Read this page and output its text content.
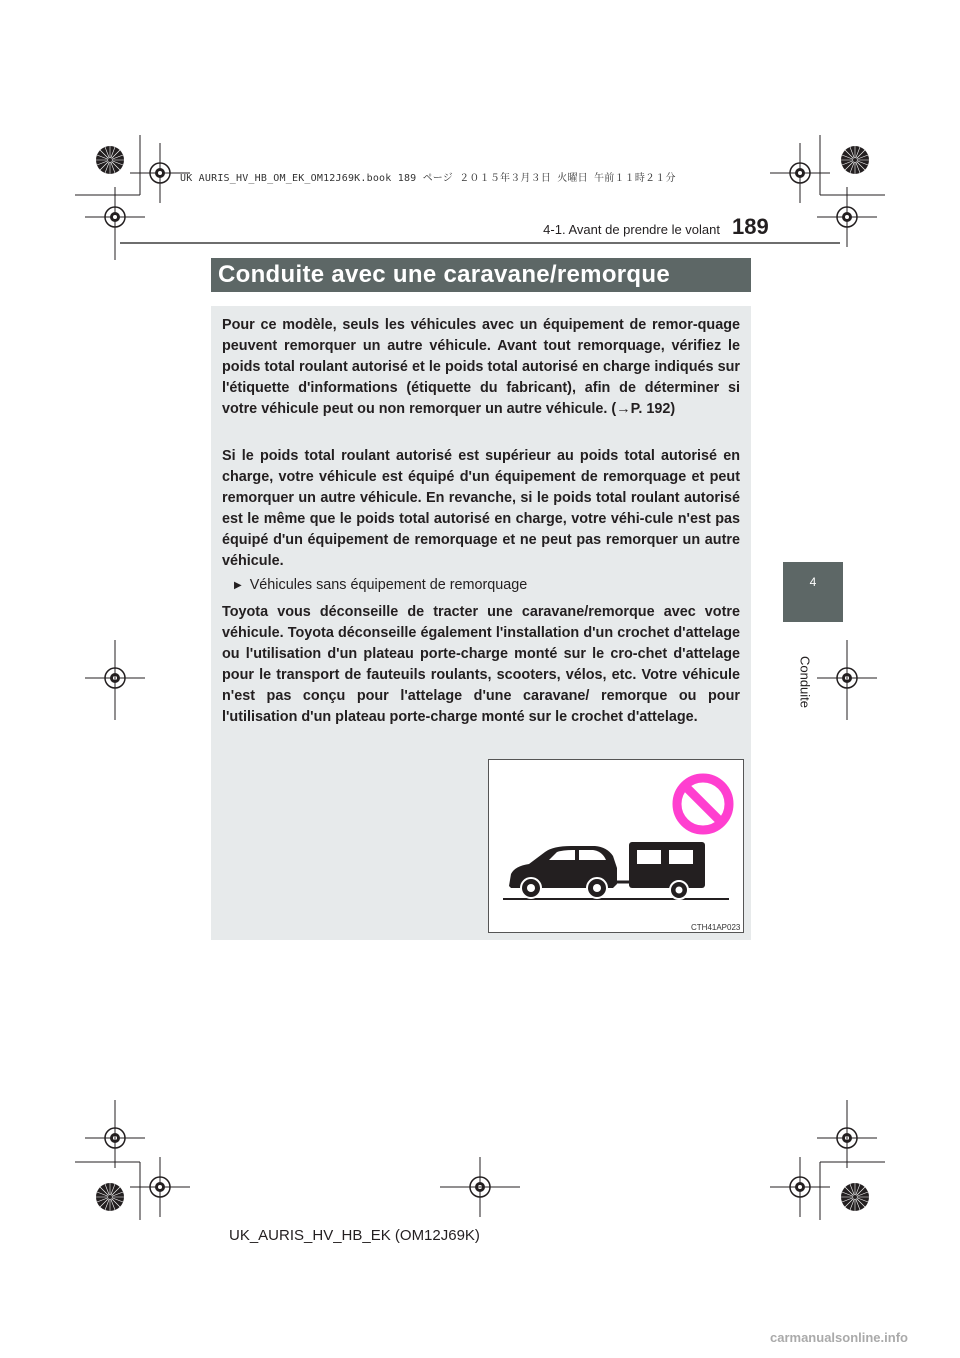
UK AURIS_HV_HB_OM_EK_OM12J69K.book 189 ページ ２０１５年３月３日 火曜日 午前１１時２１分
4-1. Avant de prendre le volant 189
4
Conduite
Conduite avec une caravane/remorque
Pour ce modèle, seuls les véhicules avec un équipement de remor-quage peuvent remorquer un autre véhicule. Avant tout remorquage, vérifiez le poids total roulant autorisé et le poids total autorisé en charge indiqués sur l'étiquette d'informations (étiquette du fabricant), afin de déterminer si votre véhicule peut ou non remorquer un autre véhicule. (→P. 192)
Si le poids total roulant autorisé est supérieur au poids total autorisé en charge, votre véhicule est équipé d'un équipement de remorquage et peut remorquer un autre véhicule. En revanche, si le poids total roulant autorisé est le même que le poids total autorisé en charge, votre véhi-cule n'est pas équipé d'un équipement de remorquage et ne peut pas remorquer un autre véhicule.
▶ Véhicules sans équipement de remorquage
Toyota vous déconseille de tracter une caravane/remorque avec votre véhicule. Toyota déconseille également l'installation d'un crochet d'attelage ou l'utilisation d'un plateau porte-charge monté sur le cro-chet d'attelage pour le transport de fauteuils roulants, scooters, vélos, etc. Votre véhicule n'est pas conçu pour l'attelage d'une caravane/ remorque ou pour l'utilisation d'un plateau porte-charge monté sur le crochet d'attelage.
CTH41AP023
UK_AURIS_HV_HB_EK (OM12J69K)
carmanualsonline.info
